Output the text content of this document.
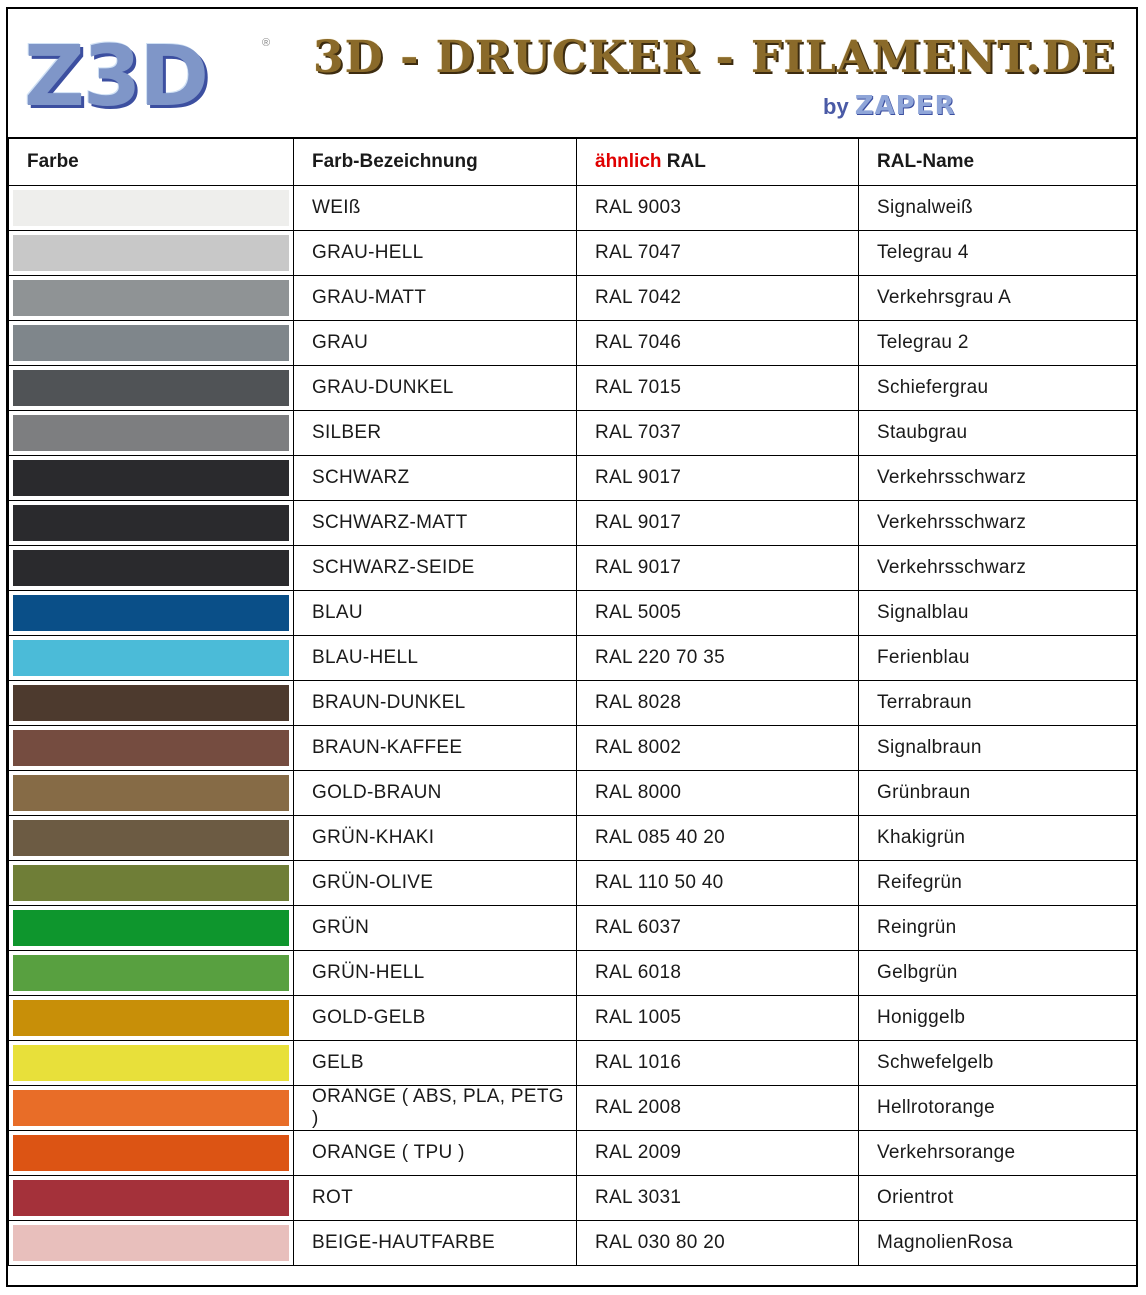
Z3D	® 3D - DRUCKER - FILAMENT.DE
by ZAPER
Farbe	Farb-Bezeichnung	ähnlich RAL	RAL-Name

	WEIß	RAL 9003	Signalweiß

	GRAU-HELL	RAL 7047	Telegrau 4

	GRAU-MATT	RAL 7042	Verkehrsgrau A

	GRAU	RAL 7046	Telegrau 2

	GRAU-DUNKEL	RAL 7015	Schiefergrau

	SILBER	RAL 7037	Staubgrau

	SCHWARZ	RAL 9017	Verkehrsschwarz

	SCHWARZ-MATT	RAL 9017	Verkehrsschwarz

	SCHWARZ-SEIDE	RAL 9017	Verkehrsschwarz

	BLAU	RAL 5005	Signalblau

	BLAU-HELL	RAL 220 70 35	Ferienblau

	BRAUN-DUNKEL	RAL 8028	Terrabraun

	BRAUN-KAFFEE	RAL 8002	Signalbraun

	GOLD-BRAUN	RAL 8000	Grünbraun

	GRÜN-KHAKI	RAL 085 40 20	Khakigrün

	GRÜN-OLIVE	RAL 110 50 40	Reifegrün

	GRÜN	RAL 6037	Reingrün

	GRÜN-HELL	RAL 6018	Gelbgrün

	GOLD-GELB	RAL 1005	Honiggelb

	GELB	RAL 1016	Schwefelgelb

	ORANGE ( ABS, PLA, PETG )	RAL 2008	Hellrotorange

	ORANGE ( TPU )	RAL 2009	Verkehrsorange

	ROT	RAL 3031	Orientrot

	BEIGE-HAUTFARBE	RAL 030 80 20	MagnolienRosa
